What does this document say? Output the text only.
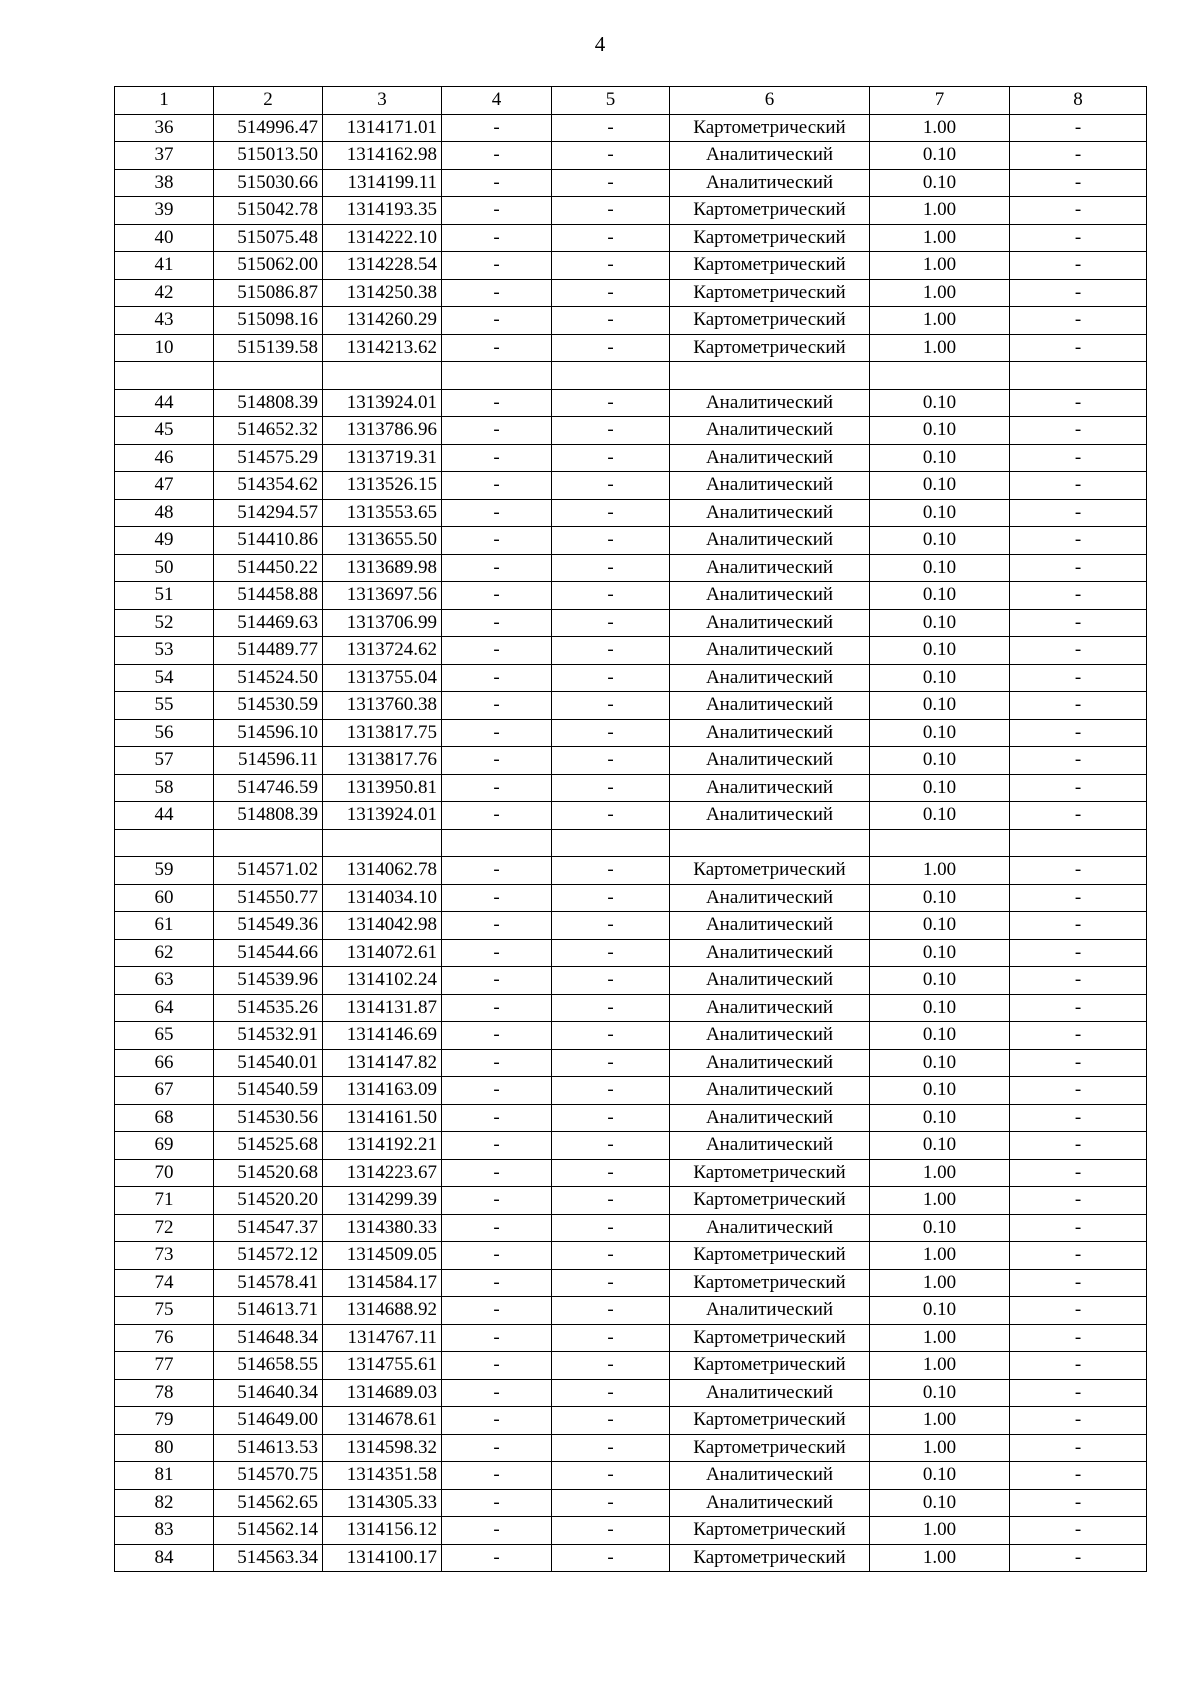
4
1	2	3	4	5	6	7	8
36	514996.47	1314171.01	-	-	Картометрический	1.00	-
37	515013.50	1314162.98	-	-	Аналитический	0.10	-
38	515030.66	1314199.11	-	-	Аналитический	0.10	-
39	515042.78	1314193.35	-	-	Картометрический	1.00	-
40	515075.48	1314222.10	-	-	Картометрический	1.00	-
41	515062.00	1314228.54	-	-	Картометрический	1.00	-
42	515086.87	1314250.38	-	-	Картометрический	1.00	-
43	515098.16	1314260.29	-	-	Картометрический	1.00	-
10	515139.58	1314213.62	-	-	Картометрический	1.00	-

44	514808.39	1313924.01	-	-	Аналитический	0.10	-
45	514652.32	1313786.96	-	-	Аналитический	0.10	-
46	514575.29	1313719.31	-	-	Аналитический	0.10	-
47	514354.62	1313526.15	-	-	Аналитический	0.10	-
48	514294.57	1313553.65	-	-	Аналитический	0.10	-
49	514410.86	1313655.50	-	-	Аналитический	0.10	-
50	514450.22	1313689.98	-	-	Аналитический	0.10	-
51	514458.88	1313697.56	-	-	Аналитический	0.10	-
52	514469.63	1313706.99	-	-	Аналитический	0.10	-
53	514489.77	1313724.62	-	-	Аналитический	0.10	-
54	514524.50	1313755.04	-	-	Аналитический	0.10	-
55	514530.59	1313760.38	-	-	Аналитический	0.10	-
56	514596.10	1313817.75	-	-	Аналитический	0.10	-
57	514596.11	1313817.76	-	-	Аналитический	0.10	-
58	514746.59	1313950.81	-	-	Аналитический	0.10	-
44	514808.39	1313924.01	-	-	Аналитический	0.10	-

59	514571.02	1314062.78	-	-	Картометрический	1.00	-
60	514550.77	1314034.10	-	-	Аналитический	0.10	-
61	514549.36	1314042.98	-	-	Аналитический	0.10	-
62	514544.66	1314072.61	-	-	Аналитический	0.10	-
63	514539.96	1314102.24	-	-	Аналитический	0.10	-
64	514535.26	1314131.87	-	-	Аналитический	0.10	-
65	514532.91	1314146.69	-	-	Аналитический	0.10	-
66	514540.01	1314147.82	-	-	Аналитический	0.10	-
67	514540.59	1314163.09	-	-	Аналитический	0.10	-
68	514530.56	1314161.50	-	-	Аналитический	0.10	-
69	514525.68	1314192.21	-	-	Аналитический	0.10	-
70	514520.68	1314223.67	-	-	Картометрический	1.00	-
71	514520.20	1314299.39	-	-	Картометрический	1.00	-
72	514547.37	1314380.33	-	-	Аналитический	0.10	-
73	514572.12	1314509.05	-	-	Картометрический	1.00	-
74	514578.41	1314584.17	-	-	Картометрический	1.00	-
75	514613.71	1314688.92	-	-	Аналитический	0.10	-
76	514648.34	1314767.11	-	-	Картометрический	1.00	-
77	514658.55	1314755.61	-	-	Картометрический	1.00	-
78	514640.34	1314689.03	-	-	Аналитический	0.10	-
79	514649.00	1314678.61	-	-	Картометрический	1.00	-
80	514613.53	1314598.32	-	-	Картометрический	1.00	-
81	514570.75	1314351.58	-	-	Аналитический	0.10	-
82	514562.65	1314305.33	-	-	Аналитический	0.10	-
83	514562.14	1314156.12	-	-	Картометрический	1.00	-
84	514563.34	1314100.17	-	-	Картометрический	1.00	-
